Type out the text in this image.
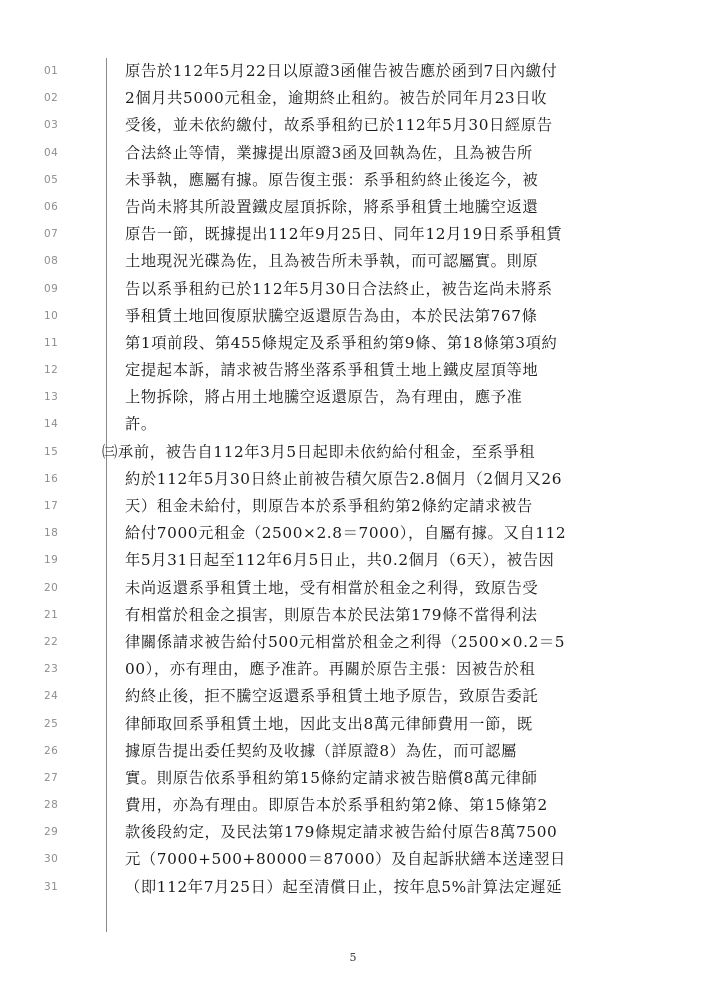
01	原告於112年5月22日以原證3函催告被告應於函到7日內繳付
02	2個月共5000元租金，逾期終止租約。被告於同年月23日收
03	受後，並未依約繳付，故系爭租約已於112年5月30日經原告
04	合法終止等情，業據提出原證3函及回執為佐，且為被告所
05	未爭執，應屬有據。原告復主張：系爭租約終止後迄今，被
06	告尚未將其所設置鐵皮屋頂拆除，將系爭租賃土地騰空返還
07	原告一節，既據提出112年9月25日、同年12月19日系爭租賃
08	土地現況光碟為佐，且為被告所未爭執，而可認屬實。則原
09	告以系爭租約已於112年5月30日合法終止，被告迄尚未將系
10	爭租賃土地回復原狀騰空返還原告為由，本於民法第767條
11	第1項前段、第455條規定及系爭租約第9條、第18條第3項約
12	定提起本訴，請求被告將坐落系爭租賃土地上鐵皮屋頂等地
13	上物拆除，將占用土地騰空返還原告，為有理由，應予准
14	許。
15	㈢承前，被告自112年3月5日起即未依約給付租金，至系爭租
16	約於112年5月30日終止前被告積欠原告2.8個月（2個月又26
17	天）租金未給付，則原告本於系爭租約第2條約定請求被告
18	給付7000元租金（2500×2.8＝7000），自屬有據。又自112
19	年5月31日起至112年6月5日止，共0.2個月（6天），被告因
20	未尚返還系爭租賃土地，受有相當於租金之利得，致原告受
21	有相當於租金之損害，則原告本於民法第179條不當得利法
22	律關係請求被告給付500元相當於租金之利得（2500×0.2＝5
23	00），亦有理由，應予准許。再關於原告主張：因被告於租
24	約終止後，拒不騰空返還系爭租賃土地予原告，致原告委託
25	律師取回系爭租賃土地，因此支出8萬元律師費用一節，既
26	據原告提出委任契約及收據（詳原證8）為佐，而可認屬
27	實。則原告依系爭租約第15條約定請求被告賠償8萬元律師
28	費用，亦為有理由。即原告本於系爭租約第2條、第15條第2
29	款後段約定，及民法第179條規定請求被告給付原告8萬7500
30	元（7000+500+80000＝87000）及自起訴狀繕本送達翌日
31	（即112年7月25日）起至清償日止，按年息5%計算法定遲延
5
